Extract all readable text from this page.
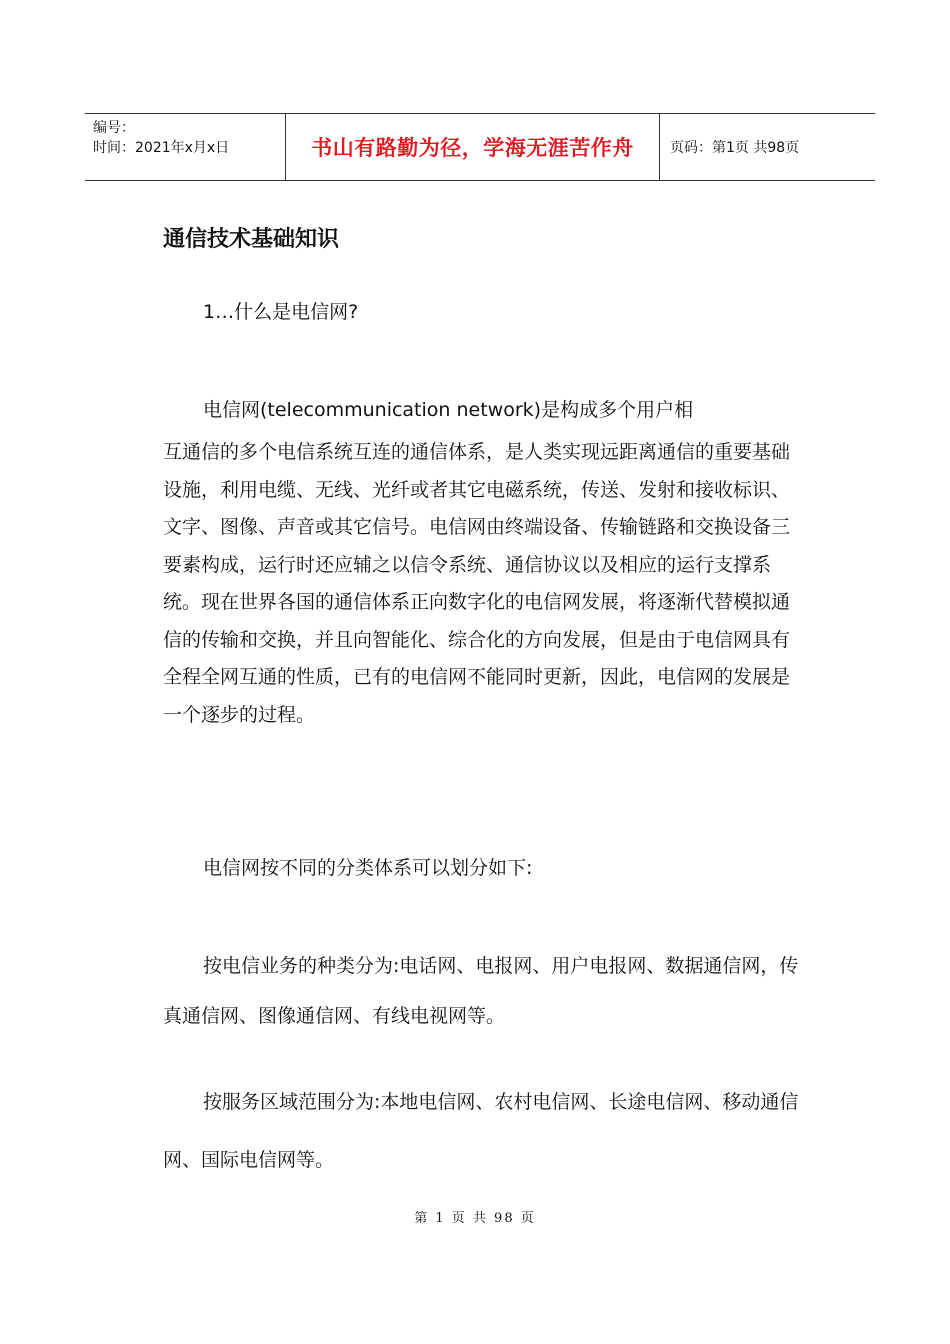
编号：
时间：2021年x月x日	书山有路勤为径，学海无涯苦作舟	页码：第1页 共98页
通信技术基础知识

1…什么是电信网?

电信网(telecommunication network)是构成多个用户相

互通信的多个电信系统互连的通信体系，是人类实现远距离通信的重要基础设施，利用电缆、无线、光纤或者其它电磁系统，传送、发射和接收标识、文字、图像、声音或其它信号。电信网由终端设备、传输链路和交换设备三要素构成，运行时还应辅之以信令系统、通信协议以及相应的运行支撑系统。现在世界各国的通信体系正向数字化的电信网发展，将逐渐代替模拟通信的传输和交换，并且向智能化、综合化的方向发展，但是由于电信网具有全程全网互通的性质，已有的电信网不能同时更新，因此，电信网的发展是一个逐步的过程。

电信网按不同的分类体系可以划分如下:

按电信业务的种类分为:电话网、电报网、用户电报网、数据通信网，传真通信网、图像通信网、有线电视网等。

按服务区域范围分为:本地电信网、农村电信网、长途电信网、移动通信网、国际电信网等。

第 1 页 共 98 页
